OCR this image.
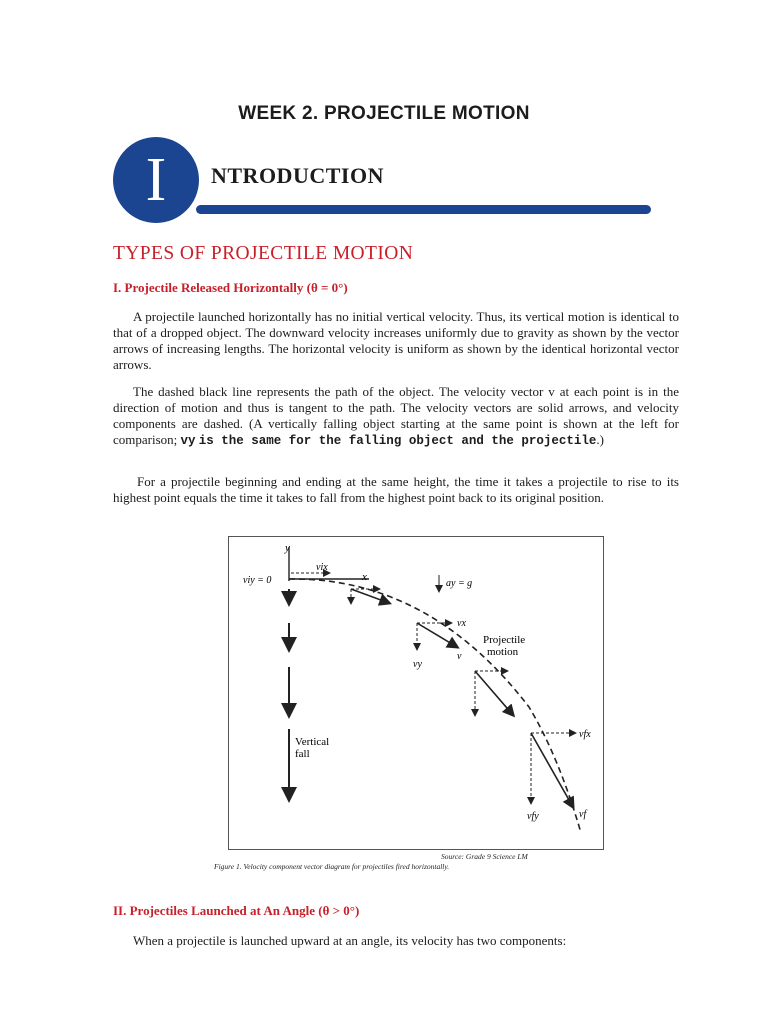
WEEK 2. PROJECTILE MOTION
I	NTRODUCTION
TYPES OF PROJECTILE MOTION
I. Projectile Released Horizontally (θ = 0°)
A projectile launched horizontally has no initial vertical velocity. Thus, its vertical motion is identical to that of a dropped object. The downward velocity increases uniformly due to gravity as shown by the vector arrows of increasing lengths. The horizontal velocity is uniform as shown by the identical horizontal vector arrows.
The dashed black line represents the path of the object. The velocity vector v at each point is in the direction of motion and thus is tangent to the path. The velocity vectors are solid arrows, and velocity components are dashed. (A vertically falling object starting at the same point is shown at the left for comparison; vy is the same for the falling object and the projectile.)
For a projectile beginning and ending at the same height, the time it takes a projectile to rise to its highest point equals the time it takes to fall from the highest point back to its original position.
y
x
viy = 0
vix
ay = g
Vertical
fall
vx
vy
v
Projectile
motion
vfx
vfy	vf
Source: Grade 9 Science LM
Figure 1. Velocity component vector diagram for projectiles fired horizontally.
II. Projectiles Launched at An Angle (θ > 0°)
When a projectile is launched upward at an angle, its velocity has two components:
